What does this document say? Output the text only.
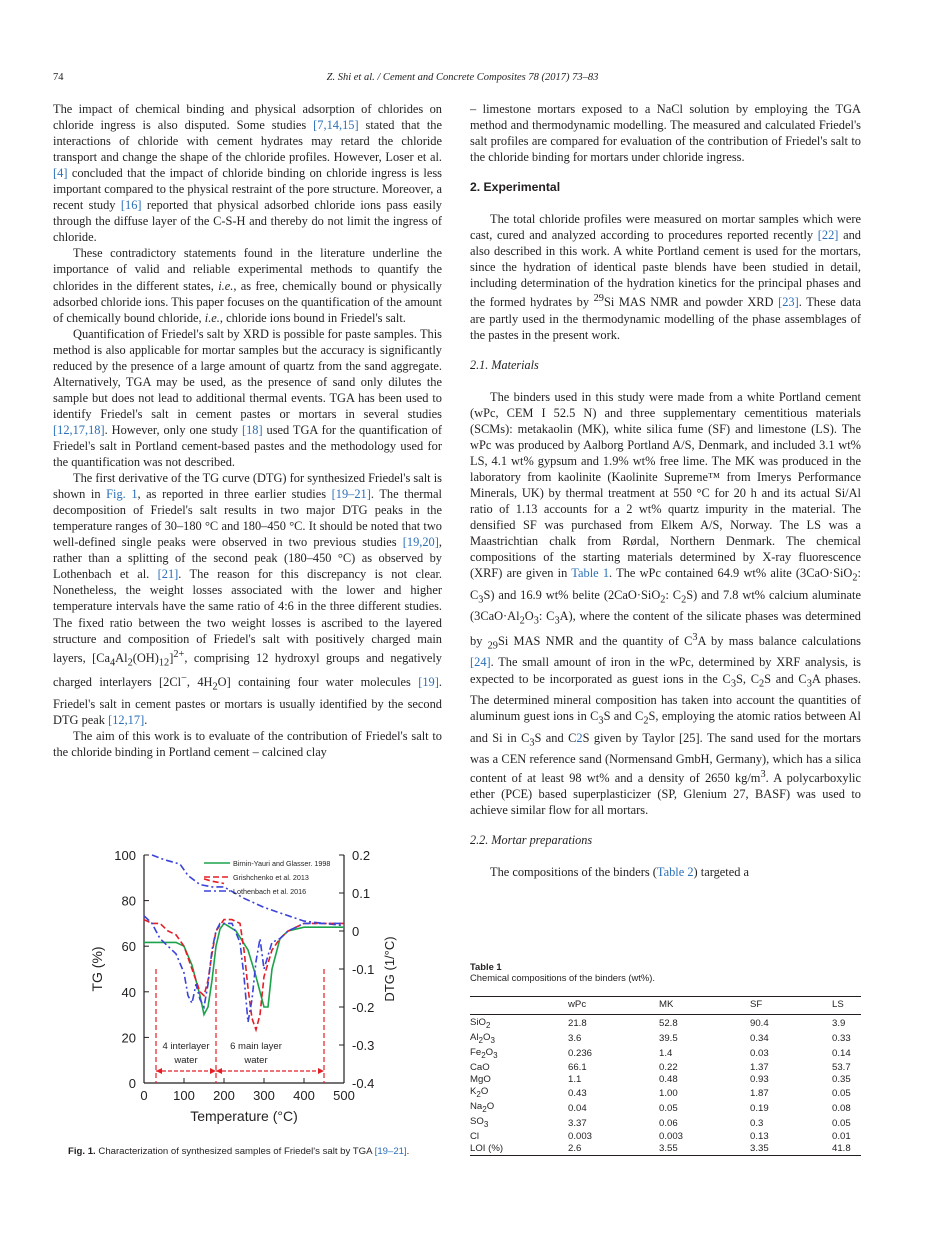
74	Z. Shi et al. / Cement and Concrete Composites 78 (2017) 73–83

The impact of chemical binding and physical adsorption of chlorides on chloride ingress is also disputed. Some studies [7,14,15] stated that the interactions of chloride with cement hydrates may retard the chloride transport and change the shape of the chloride profiles. However, Loser et al. [4] concluded that the impact of chloride binding on chloride ingress is less important compared to the physical restraint of the pore structure. Moreover, a recent study [16] reported that physical adsorbed chloride ions pass easily through the diffuse layer of the C-S-H and thereby do not limit the ingress of chloride.

These contradictory statements found in the literature underline the importance of valid and reliable experimental methods to quantify the chlorides in the different states, i.e., as free, chemically bound or physically adsorbed chloride ions. This paper focuses on the quantification of the amount of chemically bound chloride, i.e., chloride ions bound in Friedel's salt.

Quantification of Friedel's salt by XRD is possible for paste samples. This method is also applicable for mortar samples but the accuracy is significantly reduced by the presence of a large amount of quartz from the sand aggregate. Alternatively, TGA may be used, as the presence of sand only dilutes the sample but does not lead to additional thermal events. TGA has been used to identify Friedel's salt in cement pastes or mortars in several studies [12,17,18]. However, only one study [18] used TGA for the quantification of Friedel's salt in Portland cement-based pastes and the methodology used for the quantification was not described.

The first derivative of the TG curve (DTG) for synthesized Friedel's salt is shown in Fig. 1, as reported in three earlier studies [19–21]. The thermal decomposition of Friedel's salt results in two major DTG peaks in the temperature ranges of 30–180 °C and 180–450 °C. It should be noted that two well-defined single peaks were observed in two previous studies [19,20], rather than a splitting of the second peak (180–450 °C) as observed by Lothenbach et al. [21]. The reason for this discrepancy is not clear. Nonetheless, the weight losses associated with the lower and higher temperature intervals have the same ratio of 4:6 in the three different studies. The fixed ratio between the two weight losses is ascribed to the layered structure and composition of Friedel's salt with positively charged main layers, $[Ca_4Al_2(OH)_{12}]^{2+}$, comprising 12 hydroxyl groups and negatively charged interlayers [2Cl−, $4H_2O$] containing four water molecules [19]. Friedel's salt in cement pastes or mortars is usually identified by the second DTG peak [12,17].

The aim of this work is to evaluate of the contribution of Friedel's salt to the chloride binding in Portland cement – calcined clay

0 100 200 300 400 500
0
20
40
60
80
100
-0.4
-0.3
-0.2
-0.1
0
0.1
0.2
Temperature (°C)
TG (%)	DTG (1/°C)
Birnin-Yauri and Glasser. 1998
Grishchenko et al. 2013
Lothenbach et al. 2016
4 interlayer
water
6 main layer
water
Fig. 1. Characterization of synthesized samples of Friedel's salt by TGA [19–21].

– limestone mortars exposed to a NaCl solution by employing the TGA method and thermodynamic modelling. The measured and calculated Friedel's salt profiles are compared for evaluation of the contribution of Friedel's salt to the chloride binding for mortars under chloride ingress.

2. Experimental

The total chloride profiles were measured on mortar samples which were cast, cured and analyzed according to procedures reported recently [22] and also described in this work. A white Portland cement is used for the mortars, since the hydration of identical paste blends have been studied in detail, including determination of the hydration kinetics for the principal phases and the formed hydrates by $^{29}$Si MAS NMR and powder XRD [23]. These data are partly used in the thermodynamic modelling of the phase assemblages of the pastes in the present work.

2.1. Materials

The binders used in this study were made from a white Portland cement (wPc, CEM I 52.5 N) and three supplementary cementitious materials (SCMs): metakaolin (MK), white silica fume (SF) and limestone (LS). The wPc was produced by Aalborg Portland A/S, Denmark, and included 3.1 wt% LS, 4.1 wt% gypsum and 1.9% wt% free lime. The MK was produced in the laboratory from kaolinite (Kaolinite Supreme™ from Imerys Performance Minerals, UK) by thermal treatment at 550 °C for 20 h and its actual Si/Al ratio of 1.13 accounts for a 2 wt% quartz impurity in the material. The densified SF was purchased from Elkem A/S, Norway. The LS was a Maastrichtian chalk from Rørdal, Northern Denmark. The chemical compositions of the starting materials determined by X-ray fluorescence (XRF) are given in Table 1. The wPc contained 64.9 wt% alite (3CaO·SiO$_2$: $C_3S$) and 16.9 wt% belite (2CaO·SiO$_2$: $C_2S$) and 7.8 wt% calcium aluminate ($3CaO\cdot Al_2O_3$: $C_3A$), where the content of the silicate phases was determined by $_{29}$Si MAS NMR and the quantity of $C^3A$ by mass balance calculations [24]. The small amount of iron in the wPc, determined by XRF analysis, is expected to be incorporated as guest ions in the $C_3S$, $C_2S$ and $C_3A$ phases. The determined mineral composition has taken into account the quantities of aluminum guest ions in $C_3S$ and $C_2S$, employing the atomic ratios between Al and Si in $C_3S$ and C2S given by Taylor [25]. The sand used for the mortars was a CEN reference sand (Normensand GmbH, Germany), which has a silica content of at least 98 wt% and a density of 2650 $kg/m^3$. A polycarboxylic ether (PCE) based superplasticizer (SP, Glenium 27, BASF) was used to achieve similar flow for all mortars.

2.2. Mortar preparations

The compositions of the binders (Table 2) targeted a

Table 1
Chemical compositions of the binders (wt%).
	wPc	MK	SF	LS
SiO$_2$	21.8	52.8	90.4	3.9
$Al_2O_3$	3.6	39.5	0.34	0.33
$Fe_2O_3$	0.236	1.4	0.03	0.14
CaO	66.1	0.22	1.37	53.7
MgO	1.1	0.48	0.93	0.35
$K_2O$	0.43	1.00	1.87	0.05
$Na_2O$	0.04	0.05	0.19	0.08
$SO_3$	3.37	0.06	0.3	0.05
Cl	0.003	0.003	0.13	0.01
LOI (%)	2.6	3.55	3.35	41.8
